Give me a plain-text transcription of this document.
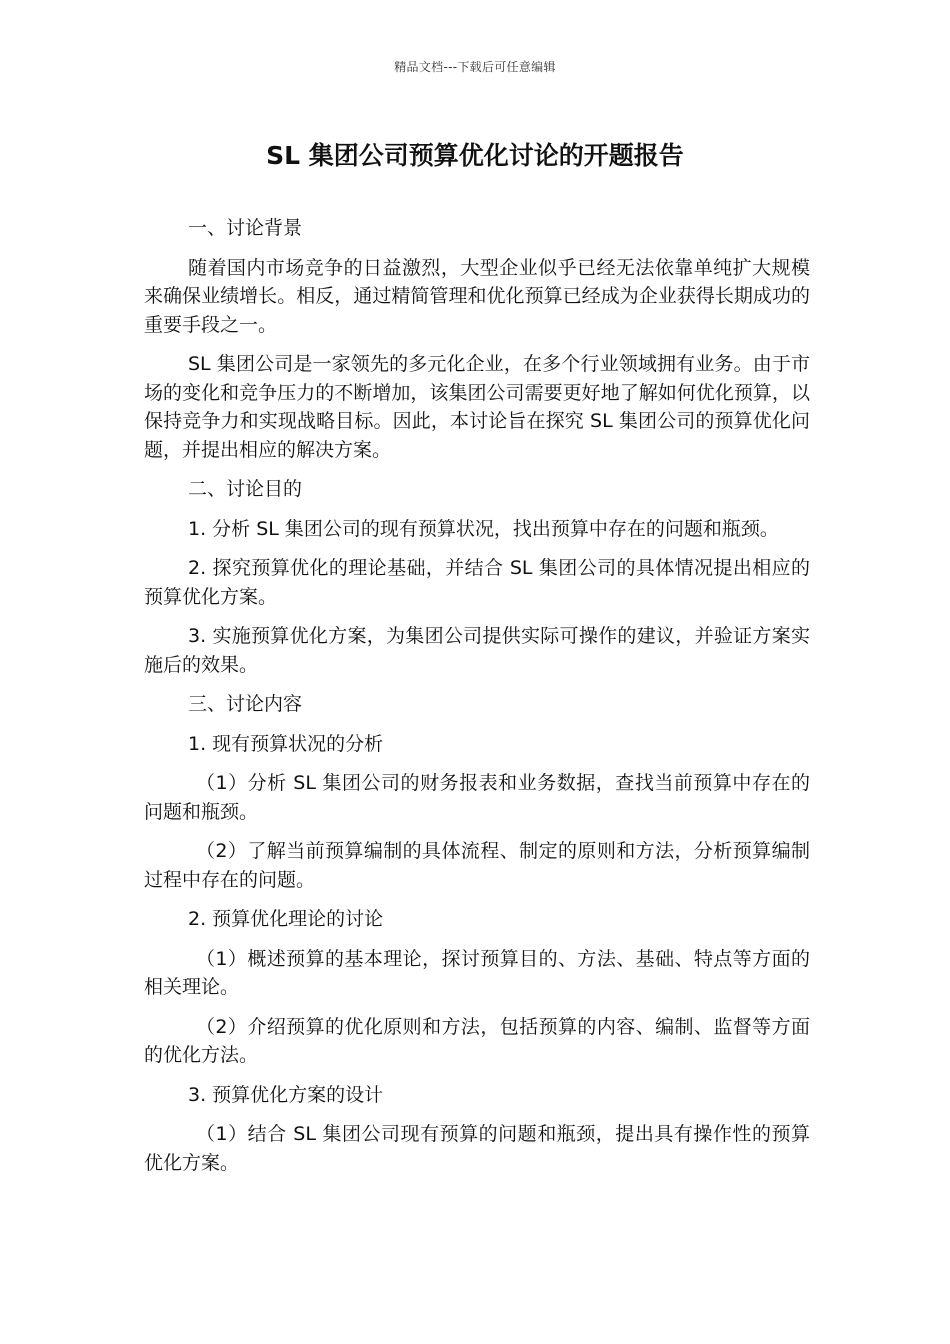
精品文档---下载后可任意编辑
SL 集团公司预算优化讨论的开题报告

一、讨论背景

随着国内市场竞争的日益激烈，大型企业似乎已经无法依靠单纯扩大规模来确保业绩增长。相反，通过精简管理和优化预算已经成为企业获得长期成功的重要手段之一。

SL 集团公司是一家领先的多元化企业，在多个行业领域拥有业务。由于市场的变化和竞争压力的不断增加，该集团公司需要更好地了解如何优化预算，以保持竞争力和实现战略目标。因此，本讨论旨在探究 SL 集团公司的预算优化问题，并提出相应的解决方案。

二、讨论目的

1. 分析 SL 集团公司的现有预算状况，找出预算中存在的问题和瓶颈。

2. 探究预算优化的理论基础，并结合 SL 集团公司的具体情况提出相应的预算优化方案。

3. 实施预算优化方案，为集团公司提供实际可操作的建议，并验证方案实施后的效果。

三、讨论内容

1. 现有预算状况的分析

（1）分析 SL 集团公司的财务报表和业务数据，查找当前预算中存在的问题和瓶颈。

（2）了解当前预算编制的具体流程、制定的原则和方法，分析预算编制过程中存在的问题。

2. 预算优化理论的讨论

（1）概述预算的基本理论，探讨预算目的、方法、基础、特点等方面的相关理论。

（2）介绍预算的优化原则和方法，包括预算的内容、编制、监督等方面的优化方法。

3. 预算优化方案的设计

（1）结合 SL 集团公司现有预算的问题和瓶颈，提出具有操作性的预算优化方案。
